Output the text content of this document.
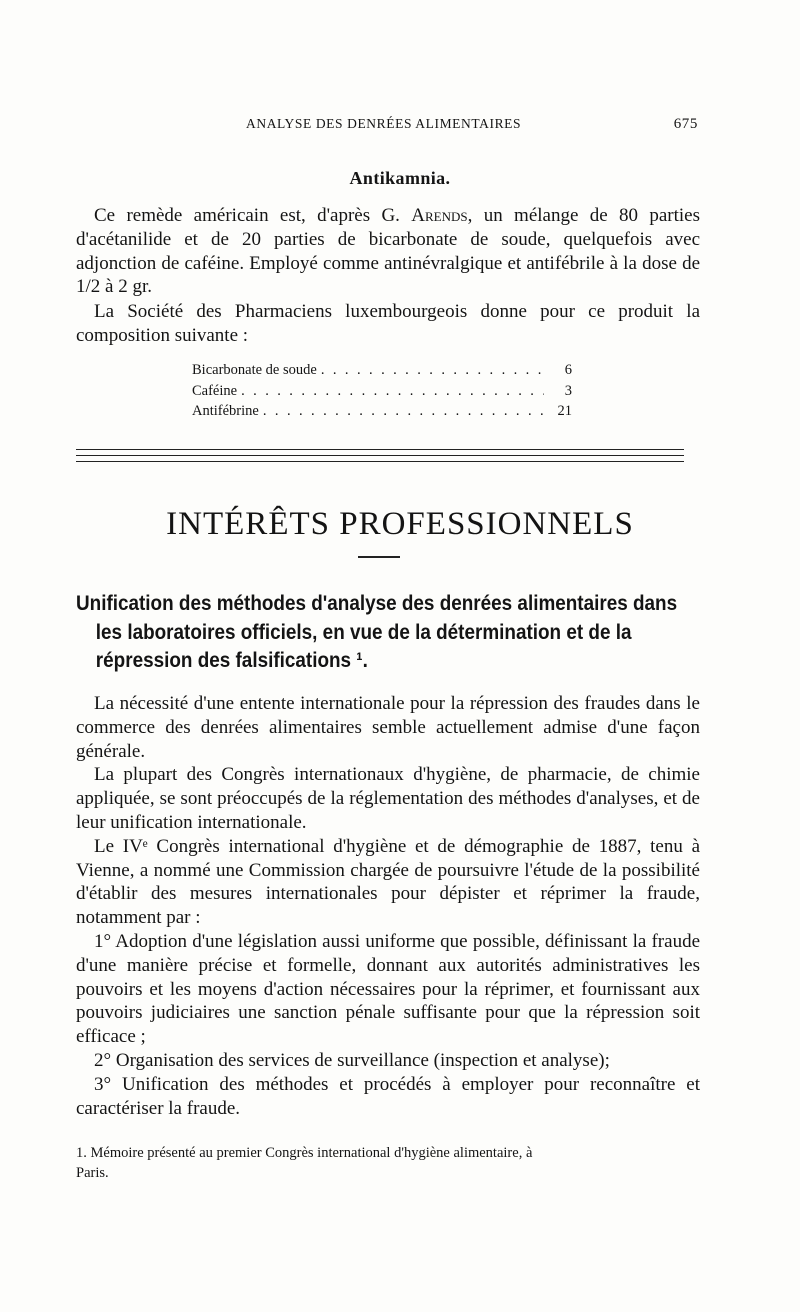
ANALYSE DES DENRÉES ALIMENTAIRES	675
Antikamnia.
Ce remède américain est, d'après G. Arends, un mélange de 80 parties d'acétanilide et de 20 parties de bicarbonate de soude, quelquefois avec adjonction de caféine. Employé comme antinévralgique et antifébrile à la dose de 1/2 à 2 gr.
La Société des Pharmaciens luxembourgeois donne pour ce produit la composition suivante :
Bicarbonate de soude . . .	6
Caféine . . .	3
Antifébrine . . .	21
INTÉRÊTS PROFESSIONNELS
Unification des méthodes d'analyse des denrées alimentaires dans
les laboratoires officiels, en vue de la détermination et de la
répression des falsifications ¹.
La nécessité d'une entente internationale pour la répression des fraudes dans le commerce des denrées alimentaires semble actuellement admise d'une façon générale.
La plupart des Congrès internationaux d'hygiène, de pharmacie, de chimie appliquée, se sont préoccupés de la réglementation des méthodes d'analyses, et de leur unification internationale.
Le IVᵉ Congrès international d'hygiène et de démographie de 1887, tenu à Vienne, a nommé une Commission chargée de poursuivre l'étude de la possibilité d'établir des mesures internationales pour dépister et réprimer la fraude, notamment par :
1° Adoption d'une législation aussi uniforme que possible, définissant la fraude d'une manière précise et formelle, donnant aux autorités administratives les pouvoirs et les moyens d'action nécessaires pour la réprimer, et fournissant aux pouvoirs judiciaires une sanction pénale suffisante pour que la répression soit efficace ;
2° Organisation des services de surveillance (inspection et analyse);
3° Unification des méthodes et procédés à employer pour reconnaître et caractériser la fraude.
1. Mémoire présenté au premier Congrès international d'hygiène alimentaire, à
Paris.
